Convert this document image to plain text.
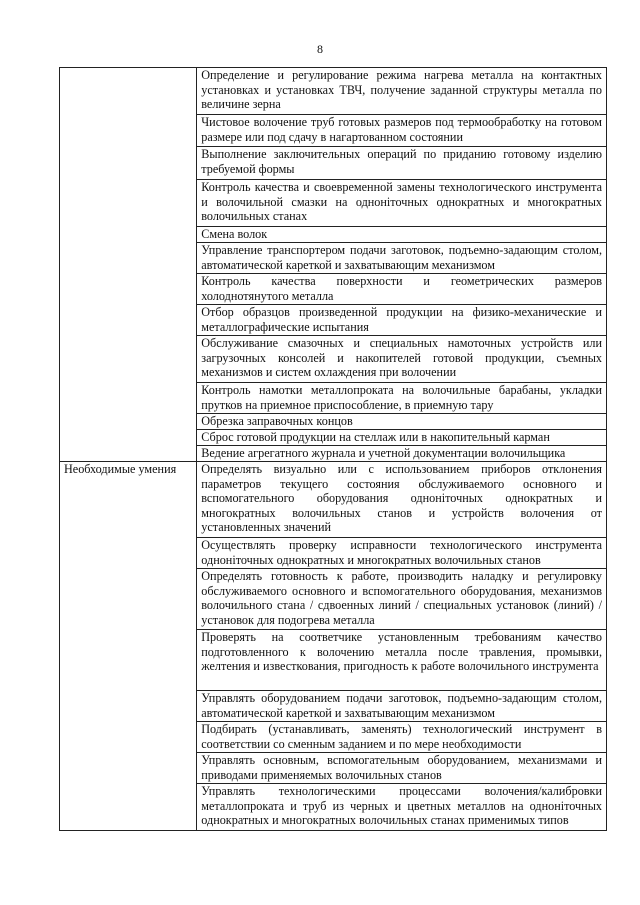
8
	Определение и регулирование режима нагрева металла на контактных установках и установках ТВЧ, получение заданной структуры металла по величине зерна
	Чистовое волочение труб готовых размеров под термообработку на готовом размере или под сдачу в нагартованном состоянии
	Выполнение заключительных операций по приданию готовому изделию требуемой формы
	Контроль качества и своевременной замены технологического инструмента и волочильной смазки на одноніточных однократных и многократных волочильных станах
	Смена волок
	Управление транспортером подачи заготовок, подъемно-задающим столом, автоматической кареткой и захватывающим механизмом
	Контроль качества поверхности и геометрических размеров холоднотянутого металла
	Отбор образцов произведенной продукции на физико-механические и металлографические испытания
	Обслуживание смазочных и специальных намоточных устройств или загрузочных консолей и накопителей готовой продукции, съемных механизмов и систем охлаждения при волочении
	Контроль намотки металлопроката на волочильные барабаны, укладки прутков на приемное приспособление, в приемную тару
	Обрезка заправочных концов
	Сброс готовой продукции на стеллаж или в накопительный карман
	Ведение агрегатного журнала и учетной документации волочильщика
Необходимые умения	Определять визуально или с использованием приборов отклонения параметров текущего состояния обслуживаемого основного и вспомогательного оборудования одноніточных однократных и многократных волочильных станов и устройств волочения от установленных значений
	Осуществлять проверку исправности технологического инструмента одноніточных однократных и многократных волочильных станов
	Определять готовность к работе, производить наладку и регулировку обслуживаемого основного и вспомогательного оборудования, механизмов волочильного стана / сдвоенных линий / специальных установок (линий) / установок для подогрева металла
	Проверять на соответчике установленным требованиям качество подготовленного к волочению металла после травления, промывки, желтения и известкования, пригодность к работе волочильного инструмента
	Управлять оборудованием подачи заготовок, подъемно-задающим столом, автоматической кареткой и захватывающим механизмом
	Подбирать (устанавливать, заменять) технологический инструмент в соответствии со сменным заданием и по мере необходимости
	Управлять основным, вспомогательным оборудованием, механизмами и приводами применяемых волочильных станов
	Управлять технологическими процессами волочения/калибровки металлопроката и труб из черных и цветных металлов на одноніточных однократных и многократных волочильных станах применимых типов
